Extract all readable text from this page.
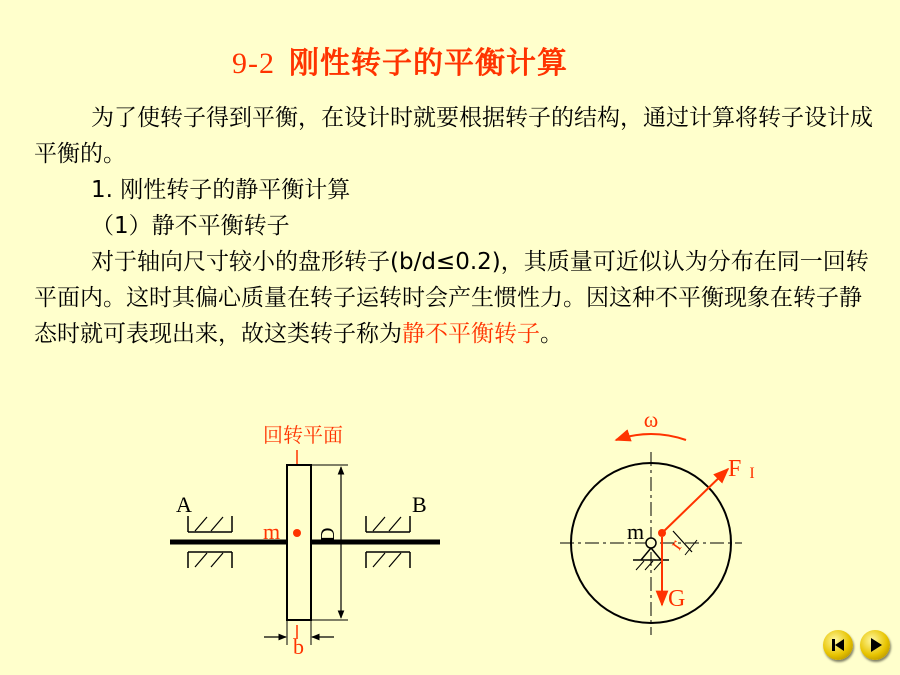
9-2 刚性转子的平衡计算

为了使转子得到平衡，在设计时就要根据转子的结构，通过计算将转子设计成平衡的。

1. 刚性转子的静平衡计算

（1）静不平衡转子

对于轴向尺寸较小的盘形转子(b/d≤0.2)，其质量可近似认为分布在同一回转平面内。这时其偏心质量在转子运转时会产生惯性力。因这种不平衡现象在转子静态时就可表现出来，故这类转子称为静不平衡转子。

回转平面
A	B
m D
b
ω
F I
m
r
G
